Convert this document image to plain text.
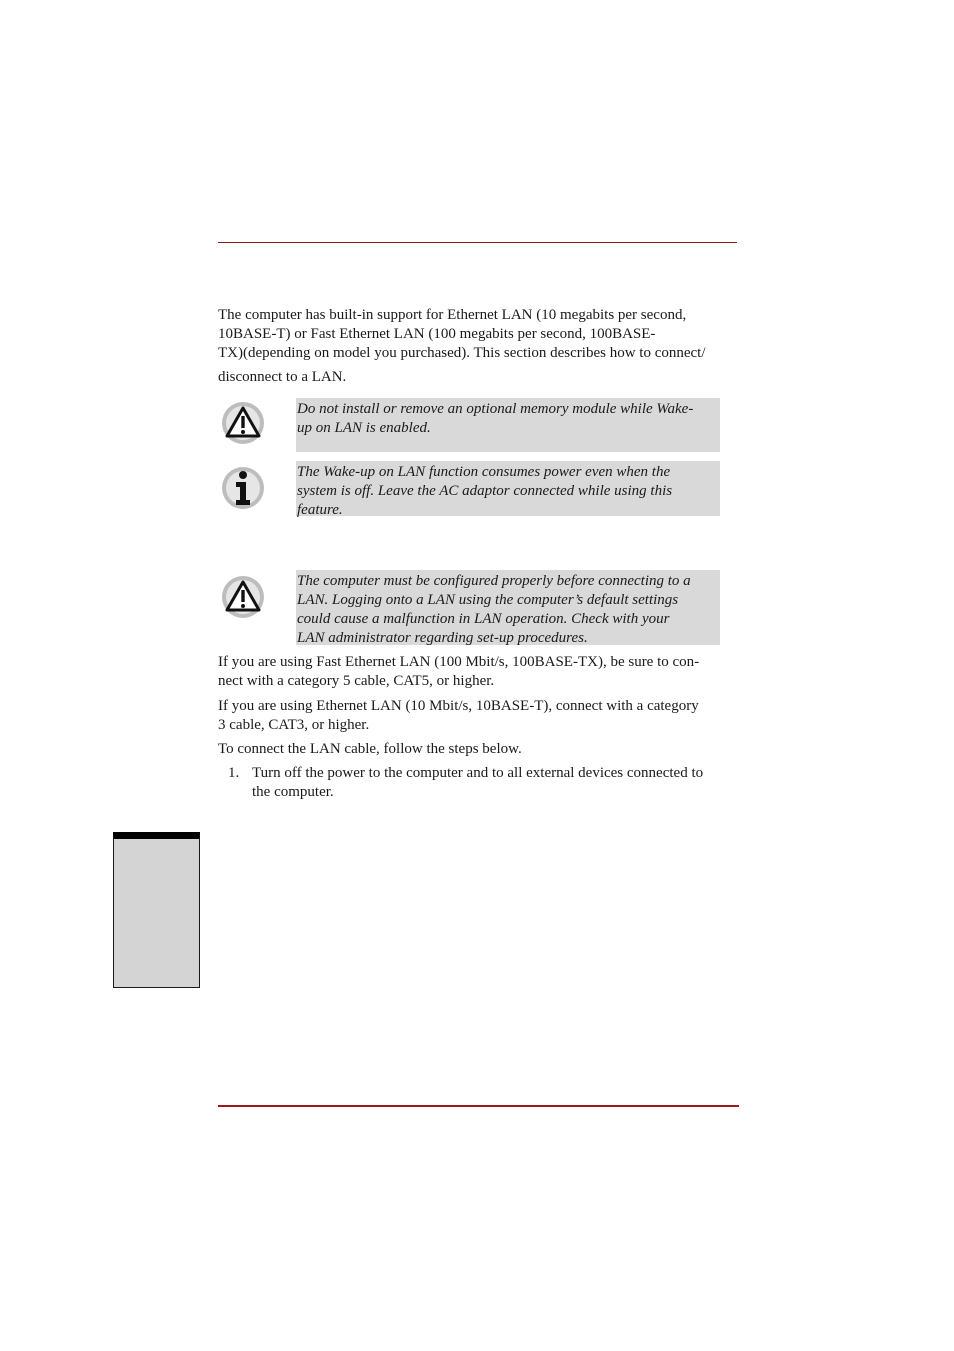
The computer has built-in support for Ethernet LAN (10 megabits per second,
10BASE-T) or Fast Ethernet LAN (100 megabits per second, 100BASE-
TX)(depending on model you purchased). This section describes how to connect/
disconnect to a LAN.

Do not install or remove an optional memory module while Wake-
up on LAN is enabled.
The Wake-up on LAN function consumes power even when the
system is off. Leave the AC adaptor connected while using this
feature.
The computer must be configured properly before connecting to a
LAN. Logging onto a LAN using the computer’s default settings
could cause a malfunction in LAN operation. Check with your
LAN administrator regarding set-up procedures.

If you are using Fast Ethernet LAN (100 Mbit/s, 100BASE-TX), be sure to con-
nect with a category 5 cable, CAT5, or higher.

If you are using Ethernet LAN (10 Mbit/s, 10BASE-T), connect with a category
3 cable, CAT3, or higher.

To connect the LAN cable, follow the steps below.

1. Turn off the power to the computer and to all external devices connected to
the computer.
